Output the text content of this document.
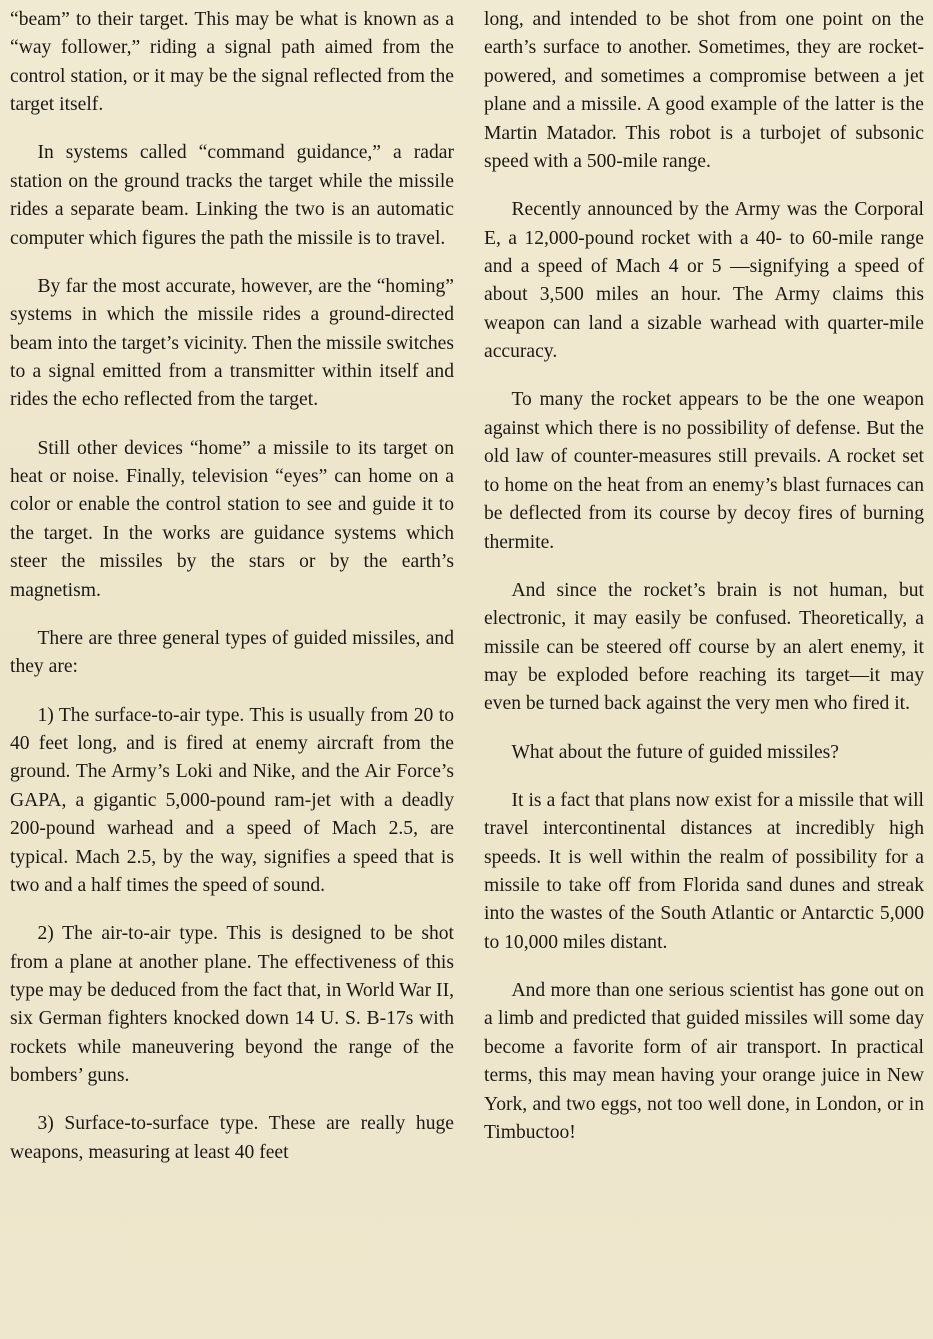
“beam” to their target. This may be what is known as a “way follower,” riding a signal path aimed from the control station, or it may be the signal reflected from the target itself.

In systems called “command guidance,” a radar station on the ground tracks the target while the missile rides a separate beam. Linking the two is an automatic computer which figures the path the missile is to travel.

By far the most accurate, however, are the “homing” systems in which the missile rides a ground-directed beam into the target’s vicinity. Then the missile switches to a signal emitted from a transmitter within itself and rides the echo reflected from the target.

Still other devices “home” a missile to its target on heat or noise. Finally, television “eyes” can home on a color or enable the control station to see and guide it to the target. In the works are guidance systems which steer the missiles by the stars or by the earth’s magnetism.

There are three general types of guided missiles, and they are:

1) The surface-to-air type. This is usually from 20 to 40 feet long, and is fired at enemy aircraft from the ground. The Army’s Loki and Nike, and the Air Force’s GAPA, a gigantic 5,000-pound ram-jet with a deadly 200-pound warhead and a speed of Mach 2.5, are typical. Mach 2.5, by the way, signifies a speed that is two and a half times the speed of sound.

2) The air-to-air type. This is designed to be shot from a plane at another plane. The effectiveness of this type may be deduced from the fact that, in World War II, six German fighters knocked down 14 U. S. B-17s with rockets while maneuvering beyond the range of the bombers’ guns.

3) Surface-to-surface type. These are really huge weapons, measuring at least 40 feet

long, and intended to be shot from one point on the earth’s surface to another. Sometimes, they are rocket-powered, and sometimes a compromise between a jet plane and a missile. A good example of the latter is the Martin Matador. This robot is a turbojet of subsonic speed with a 500-mile range.

Recently announced by the Army was the Corporal E, a 12,000-pound rocket with a 40- to 60-mile range and a speed of Mach 4 or 5 —signifying a speed of about 3,500 miles an hour. The Army claims this weapon can land a sizable warhead with quarter-mile accuracy.

To many the rocket appears to be the one weapon against which there is no possibility of defense. But the old law of counter-measures still prevails. A rocket set to home on the heat from an enemy’s blast furnaces can be deflected from its course by decoy fires of burning thermite.

And since the rocket’s brain is not human, but electronic, it may easily be confused. Theoretically, a missile can be steered off course by an alert enemy, it may be exploded before reaching its target—it may even be turned back against the very men who fired it.

What about the future of guided missiles?

It is a fact that plans now exist for a missile that will travel intercontinental distances at incredibly high speeds. It is well within the realm of possibility for a missile to take off from Florida sand dunes and streak into the wastes of the South Atlantic or Antarctic 5,000 to 10,000 miles distant.

And more than one serious scientist has gone out on a limb and predicted that guided missiles will some day become a favorite form of air transport. In practical terms, this may mean having your orange juice in New York, and two eggs, not too well done, in London, or in Timbuctoo!
